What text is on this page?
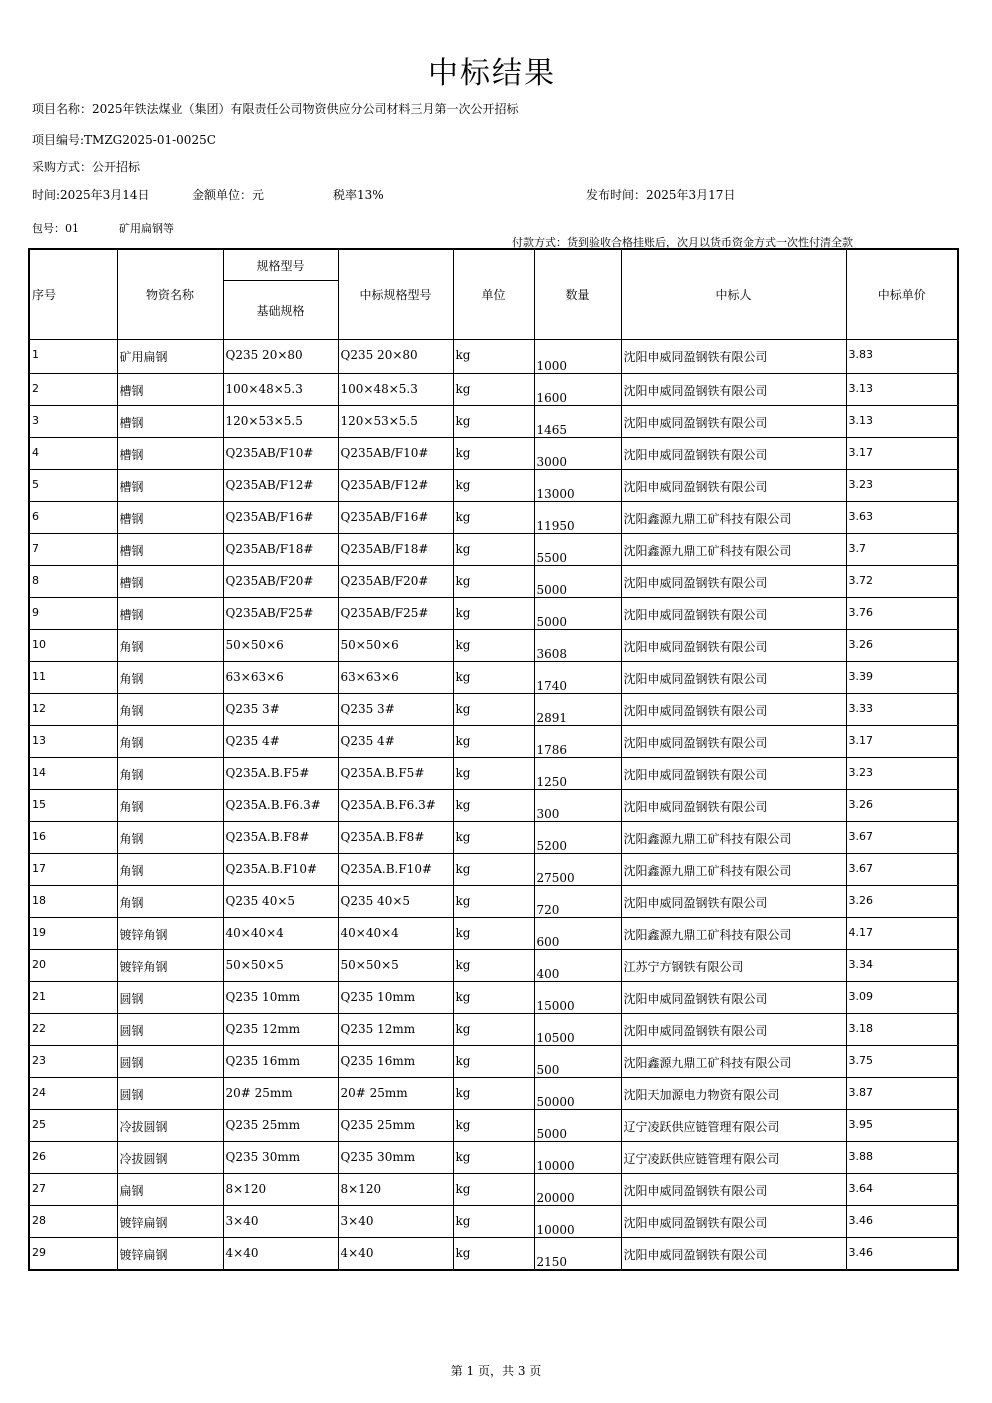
中标结果
项目名称：2025年铁法煤业（集团）有限责任公司物资供应分公司材料三月第一次公开招标
项目编号:TMZG2025-01-0025C
采购方式：公开招标
时间:2025年3月14日	金额单位：元	税率13%	发布时间：2025年3月17日
包号：01	矿用扁钢等
付款方式：货到验收合格挂账后，次月以货币资金方式一次性付清全款
序号	物资名称	规格型号	中标规格型号	单位	数量	中标人	中标单价
		基础规格					
1	矿用扁钢	Q235 20×80	Q235 20×80	kg	1000	沈阳申威同盈钢铁有限公司	3.83
2	槽钢	100×48×5.3	100×48×5.3	kg	1600	沈阳申威同盈钢铁有限公司	3.13
3	槽钢	120×53×5.5	120×53×5.5	kg	1465	沈阳申威同盈钢铁有限公司	3.13
4	槽钢	Q235AB/F10#	Q235AB/F10#	kg	3000	沈阳申威同盈钢铁有限公司	3.17
5	槽钢	Q235AB/F12#	Q235AB/F12#	kg	13000	沈阳申威同盈钢铁有限公司	3.23
6	槽钢	Q235AB/F16#	Q235AB/F16#	kg	11950	沈阳鑫源九鼎工矿科技有限公司	3.63
7	槽钢	Q235AB/F18#	Q235AB/F18#	kg	5500	沈阳鑫源九鼎工矿科技有限公司	3.7
8	槽钢	Q235AB/F20#	Q235AB/F20#	kg	5000	沈阳申威同盈钢铁有限公司	3.72
9	槽钢	Q235AB/F25#	Q235AB/F25#	kg	5000	沈阳申威同盈钢铁有限公司	3.76
10	角钢	50×50×6	50×50×6	kg	3608	沈阳申威同盈钢铁有限公司	3.26
11	角钢	63×63×6	63×63×6	kg	1740	沈阳申威同盈钢铁有限公司	3.39
12	角钢	Q235 3#	Q235 3#	kg	2891	沈阳申威同盈钢铁有限公司	3.33
13	角钢	Q235 4#	Q235 4#	kg	1786	沈阳申威同盈钢铁有限公司	3.17
14	角钢	Q235A.B.F5#	Q235A.B.F5#	kg	1250	沈阳申威同盈钢铁有限公司	3.23
15	角钢	Q235A.B.F6.3#	Q235A.B.F6.3#	kg	300	沈阳申威同盈钢铁有限公司	3.26
16	角钢	Q235A.B.F8#	Q235A.B.F8#	kg	5200	沈阳鑫源九鼎工矿科技有限公司	3.67
17	角钢	Q235A.B.F10#	Q235A.B.F10#	kg	27500	沈阳鑫源九鼎工矿科技有限公司	3.67
18	角钢	Q235 40×5	Q235 40×5	kg	720	沈阳申威同盈钢铁有限公司	3.26
19	镀锌角钢	40×40×4	40×40×4	kg	600	沈阳鑫源九鼎工矿科技有限公司	4.17
20	镀锌角钢	50×50×5	50×50×5	kg	400	江苏宁方钢铁有限公司	3.34
21	圆钢	Q235 10mm	Q235 10mm	kg	15000	沈阳申威同盈钢铁有限公司	3.09
22	圆钢	Q235 12mm	Q235 12mm	kg	10500	沈阳申威同盈钢铁有限公司	3.18
23	圆钢	Q235 16mm	Q235 16mm	kg	500	沈阳鑫源九鼎工矿科技有限公司	3.75
24	圆钢	20# 25mm	20# 25mm	kg	50000	沈阳天加源电力物资有限公司	3.87
25	冷拔圆钢	Q235 25mm	Q235 25mm	kg	5000	辽宁凌跃供应链管理有限公司	3.95
26	冷拔圆钢	Q235 30mm	Q235 30mm	kg	10000	辽宁凌跃供应链管理有限公司	3.88
27	扁钢	8×120	8×120	kg	20000	沈阳申威同盈钢铁有限公司	3.64
28	镀锌扁钢	3×40	3×40	kg	10000	沈阳申威同盈钢铁有限公司	3.46
29	镀锌扁钢	4×40	4×40	kg	2150	沈阳申威同盈钢铁有限公司	3.46
第 1 页，共 3 页
